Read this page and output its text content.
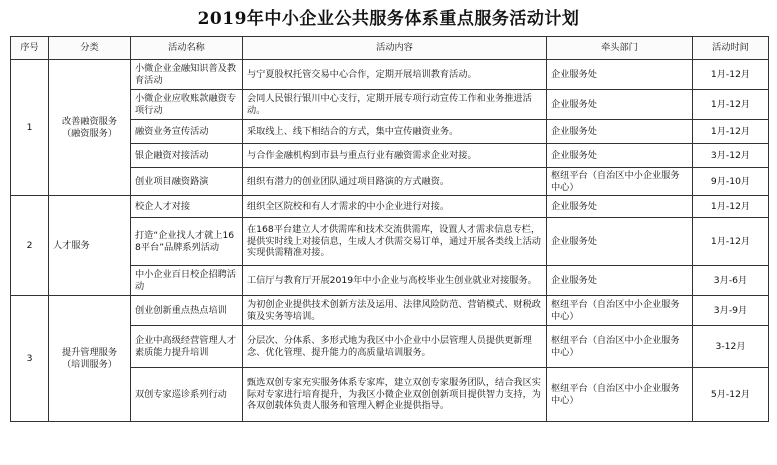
2019年中小企业公共服务体系重点服务活动计划
序号	分类	活动名称	活动内容	牵头部门	活动时间
1	改善融资服务（融资服务）	小微企业金融知识普及教育活动	与宁夏股权托管交易中心合作，定期开展培训教育活动。	企业服务处	1月-12月
		小微企业应收账款融资专项行动	会同人民银行银川中心支行，定期开展专项行动宣传工作和业务推进活动。	企业服务处	1月-12月
		融资业务宣传活动	采取线上、线下相结合的方式，集中宣传融资业务。	企业服务处	1月-12月
		银企融资对接活动	与合作金融机构到市县与重点行业有融资需求企业对接。	企业服务处	3月-12月
		创业项目融资路演	组织有潜力的创业团队通过项目路演的方式融资。	枢纽平台（自治区中小企业服务中心）	9月-10月
2	人才服务	校企人才对接	组织全区院校和有人才需求的中小企业进行对接。	企业服务处	1月-12月
		打造“企业找人才就上168平台”品牌系列活动	在168平台建立人才供需库和技术交流供需库，设置人才需求信息专栏，提供实时线上对接信息，生成人才供需交易订单，通过开展各类线上活动实现供需精准对接。	企业服务处	1月-12月
		中小企业百日校企招聘活动	工信厅与教育厅开展2019年中小企业与高校毕业生创业就业对接服务。	企业服务处	3月-6月
3	提升管理服务（培训服务）	创业创新重点热点培训	为初创企业提供技术创新方法及运用、法律风险防范、营销模式、财税政策及实务等培训。	枢纽平台（自治区中小企业服务中心）	3月-9月
		企业中高级经营管理人才素质能力提升培训	分层次、分体系、多形式地为我区中小企业中小层管理人员提供更新理念、优化管理、提升能力的高质量培训服务。	枢纽平台（自治区中小企业服务中心）	3-12月
		双创专家巡诊系列行动	甄选双创专家充实服务体系专家库，建立双创专家服务团队，结合我区实际对专家进行培育提升，为我区小微企业双创创新项目提供智力支持，为各双创载体负责人服务和管理入孵企业提供指导。	枢纽平台（自治区中小企业服务中心）	5月-12月
